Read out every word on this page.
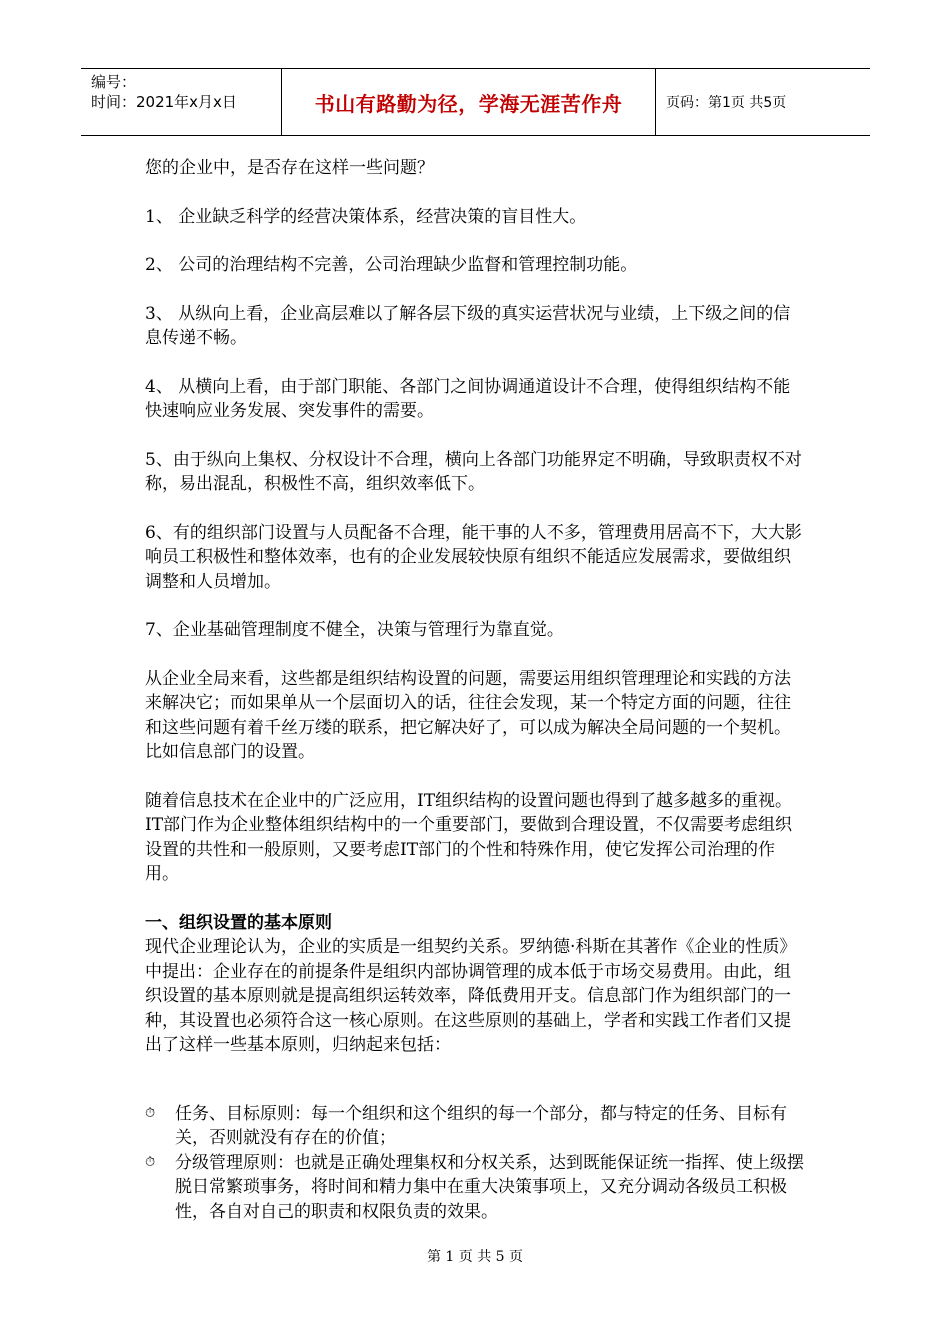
编号：
时间：2021年x月x日	书山有路勤为径，学海无涯苦作舟	页码：第1页 共5页

您的企业中，是否存在这样一些问题？

1、 企业缺乏科学的经营决策体系，经营决策的盲目性大。

2、 公司的治理结构不完善，公司治理缺少监督和管理控制功能。

3、 从纵向上看，企业高层难以了解各层下级的真实运营状况与业绩，上下级之间的信息传递不畅。

4、 从横向上看，由于部门职能、各部门之间协调通道设计不合理，使得组织结构不能快速响应业务发展、突发事件的需要。

5、由于纵向上集权、分权设计不合理，横向上各部门功能界定不明确，导致职责权不对称，易出混乱，积极性不高，组织效率低下。

6、有的组织部门设置与人员配备不合理，能干事的人不多，管理费用居高不下，大大影响员工积极性和整体效率，也有的企业发展较快原有组织不能适应发展需求，要做组织调整和人员增加。

7、企业基础管理制度不健全，决策与管理行为靠直觉。

从企业全局来看，这些都是组织结构设置的问题，需要运用组织管理理论和实践的方法来解决它；而如果单从一个层面切入的话，往往会发现，某一个特定方面的问题，往往和这些问题有着千丝万缕的联系，把它解决好了，可以成为解决全局问题的一个契机。比如信息部门的设置。

随着信息技术在企业中的广泛应用，IT组织结构的设置问题也得到了越多越多的重视。IT部门作为企业整体组织结构中的一个重要部门，要做到合理设置，不仅需要考虑组织设置的共性和一般原则，又要考虑IT部门的个性和特殊作用，使它发挥公司治理的作用。

一、组织设置的基本原则

现代企业理论认为，企业的实质是一组契约关系。罗纳德·科斯在其著作《企业的性质》中提出：企业存在的前提条件是组织内部协调管理的成本低于市场交易费用。由此，组织设置的基本原则就是提高组织运转效率，降低费用开支。信息部门作为组织部门的一种，其设置也必须符合这一核心原则。在这些原则的基础上，学者和实践工作者们又提出了这样一些基本原则，归纳起来包括：

⏱	任务、目标原则：每一个组织和这个组织的每一个部分，都与特定的任务、目标有关，否则就没有存在的价值；
⏱	分级管理原则：也就是正确处理集权和分权关系，达到既能保证统一指挥、使上级摆脱日常繁琐事务，将时间和精力集中在重大决策事项上，又充分调动各级员工积极性，各自对自己的职责和权限负责的效果。
第 1 页 共 5 页
